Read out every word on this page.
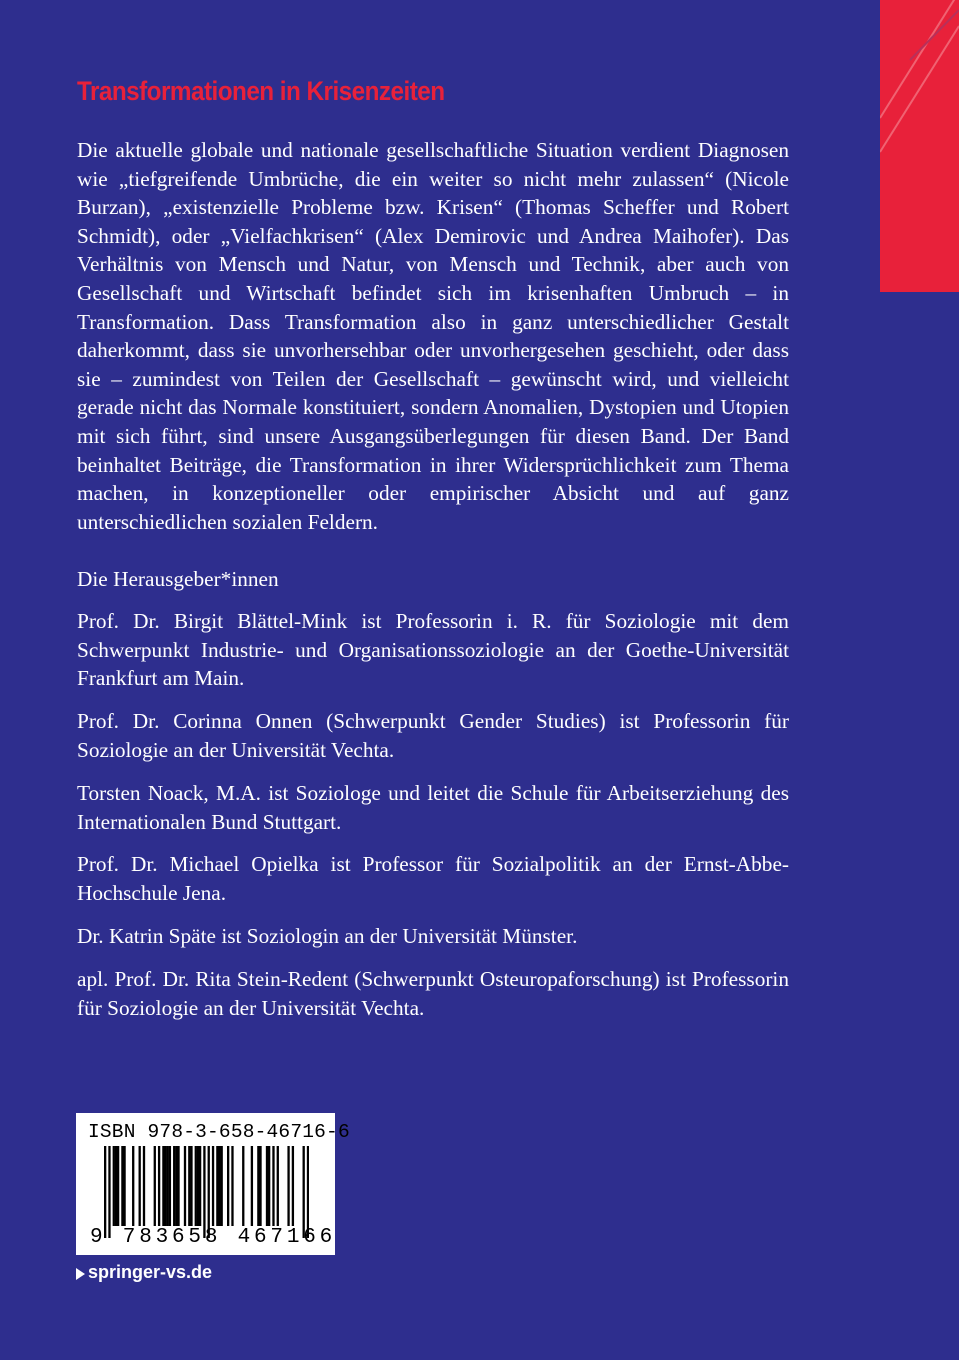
Transformationen in Krisenzeiten

Die aktuelle globale und nationale gesellschaftliche Situation verdient Diagnosen wie „tiefgreifende Umbrüche, die ein weiter so nicht mehr zulassen“ (Nicole Burzan), „existenzielle Probleme bzw. Krisen“ (Thomas Scheffer und Robert Schmidt), oder „Vielfachkrisen“ (Alex Demirovic und Andrea Maihofer). Das Verhältnis von Mensch und Natur, von Mensch und Technik, aber auch von Gesellschaft und Wirtschaft befindet sich im krisenhaften Umbruch – in Transformation. Dass Transformation also in ganz unterschiedlicher Gestalt daherkommt, dass sie unvorhersehbar oder unvorhergesehen geschieht, oder dass sie – zumindest von Teilen der Gesellschaft – gewünscht wird, und vielleicht gerade nicht das Normale konstituiert, sondern Anomalien, Dystopien und Utopien mit sich führt, sind unsere Ausgangsüberlegungen für diesen Band. Der Band beinhaltet Beiträge, die Transformation in ihrer Widersprüchlichkeit zum Thema machen, in konzeptioneller oder empirischer Absicht und auf ganz unterschiedlichen sozialen Feldern.

Die Herausgeber*innen

Prof. Dr. Birgit Blättel-Mink ist Professorin i. R. für Soziologie mit dem Schwerpunkt Industrie- und Organisationssoziologie an der Goethe-Universität Frankfurt am Main.

Prof. Dr. Corinna Onnen (Schwerpunkt Gender Studies) ist Professorin für Soziologie an der Universität Vechta.

Torsten Noack, M.A. ist Soziologe und leitet die Schule für Arbeitserziehung des Internationalen Bund Stuttgart.

Prof. Dr. Michael Opielka ist Professor für Sozialpolitik an der Ernst-Abbe-Hochschule Jena.

Dr. Katrin Späte ist Soziologin an der Universität Münster.

apl. Prof. Dr. Rita Stein-Redent (Schwerpunkt Osteuropaforschung) ist Professorin für Soziologie an der Universität Vechta.

ISBN 978-3-658-46716-6
9 783658 467166
springer-vs.de
